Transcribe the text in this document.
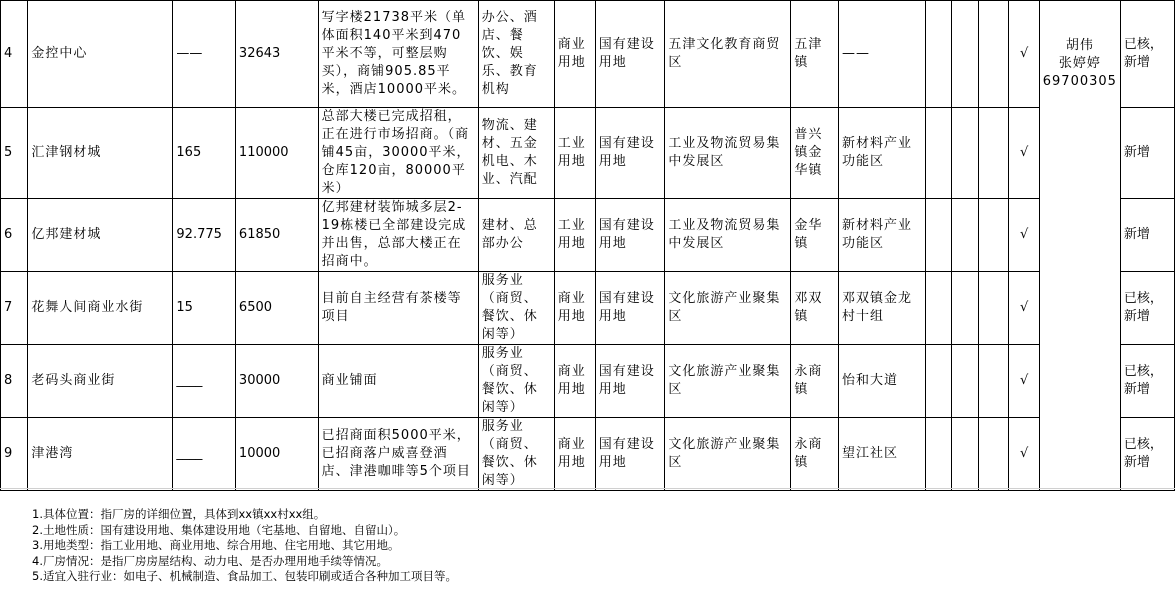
4	金控中心	——	32643	写字楼21738平米（单体面积140平米到470平米不等，可整层购买），商铺905.85平米，酒店10000平米。	办公、酒店、餐饮、娱乐、教育机构	商业用地	国有建设用地	五津文化教育商贸区	五津镇	——				√	胡伟
张婷婷
69700305	已核，新增
5	汇津钢材城	165	110000	总部大楼已完成招租，正在进行市场招商。（商铺45亩，30000平米，仓库120亩，80000平米）	物流、建材、五金机电、木业、汽配	工业用地	国有建设用地	工业及物流贸易集中发展区	普兴镇金华镇	新材料产业功能区				√		新增
6	亿邦建材城	92.775	61850	亿邦建材装饰城多层2-19栋楼已全部建设完成并出售，总部大楼正在招商中。	建材、总部办公	工业用地	国有建设用地	工业及物流贸易集中发展区	金华镇	新材料产业功能区				√		新增
7	花舞人间商业水街	15	6500	目前自主经营有茶楼等项目	服务业（商贸、餐饮、休闲等）	商业用地	国有建设用地	文化旅游产业聚集区	邓双镇	邓双镇金龙村十组				√		已核，新增
8	老码头商业街	____	30000	商业铺面	服务业（商贸、餐饮、休闲等）	商业用地	国有建设用地	文化旅游产业聚集区	永商镇	怡和大道				√		已核，新增
9	津港湾	____	10000	已招商面积5000平米，已招商落户威喜登酒店、津港咖啡等5个项目	服务业（商贸、餐饮、休闲等）	商业用地	国有建设用地	文化旅游产业聚集区	永商镇	望江社区				√		已核，新增
1.具体位置：指厂房的详细位置，具体到xx镇xx村xx组。
2.土地性质：国有建设用地、集体建设用地（宅基地、自留地、自留山）。
3.用地类型：指工业用地、商业用地、综合用地、住宅用地、其它用地。
4.厂房情况：是指厂房房屋结构、动力电、是否办理用地手续等情况。
5.适宜入驻行业：如电子、机械制造、食品加工、包装印刷或适合各种加工项目等。
